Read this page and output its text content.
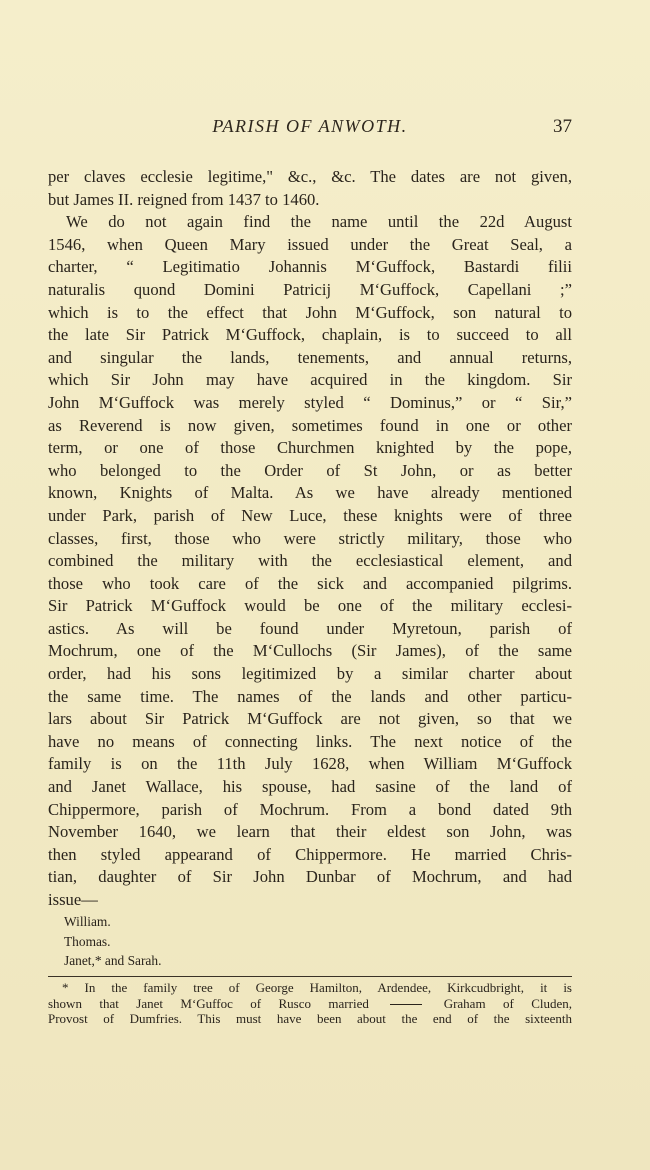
PARISH OF ANWOTH.	37
per claves ecclesie legitime," &c., &c. The dates are not given,
but James II. reigned from 1437 to 1460.
We do not again find the name until the 22d August
1546, when Queen Mary issued under the Great Seal, a
charter, “ Legitimatio Johannis M‘Guffock, Bastardi filii
naturalis quond Domini Patricij M‘Guffock, Capellani ;”
which is to the effect that John M‘Guffock, son natural to
the late Sir Patrick M‘Guffock, chaplain, is to succeed to all
and singular the lands, tenements, and annual returns,
which Sir John may have acquired in the kingdom. Sir
John M‘Guffock was merely styled “ Dominus,” or “ Sir,”
as Reverend is now given, sometimes found in one or other
term, or one of those Churchmen knighted by the pope,
who belonged to the Order of St John, or as better
known, Knights of Malta. As we have already mentioned
under Park, parish of New Luce, these knights were of three
classes, first, those who were strictly military, those who
combined the military with the ecclesiastical element, and
those who took care of the sick and accompanied pilgrims.
Sir Patrick M‘Guffock would be one of the military ecclesi-
astics. As will be found under Myretoun, parish of
Mochrum, one of the M‘Cullochs (Sir James), of the same
order, had his sons legitimized by a similar charter about
the same time. The names of the lands and other particu-
lars about Sir Patrick M‘Guffock are not given, so that we
have no means of connecting links. The next notice of the
family is on the 11th July 1628, when William M‘Guffock
and Janet Wallace, his spouse, had sasine of the land of
Chippermore, parish of Mochrum. From a bond dated 9th
November 1640, we learn that their eldest son John, was
then styled appearand of Chippermore. He married Chris-
tian, daughter of Sir John Dunbar of Mochrum, and had
issue—
William.
Thomas.
Janet,* and Sarah.
* In the family tree of George Hamilton, Ardendee, Kirkcudbright, it is
shown that Janet M‘Guffoc of Rusco married	Graham of Cluden,
Provost of Dumfries. This must have been about the end of the sixteenth
